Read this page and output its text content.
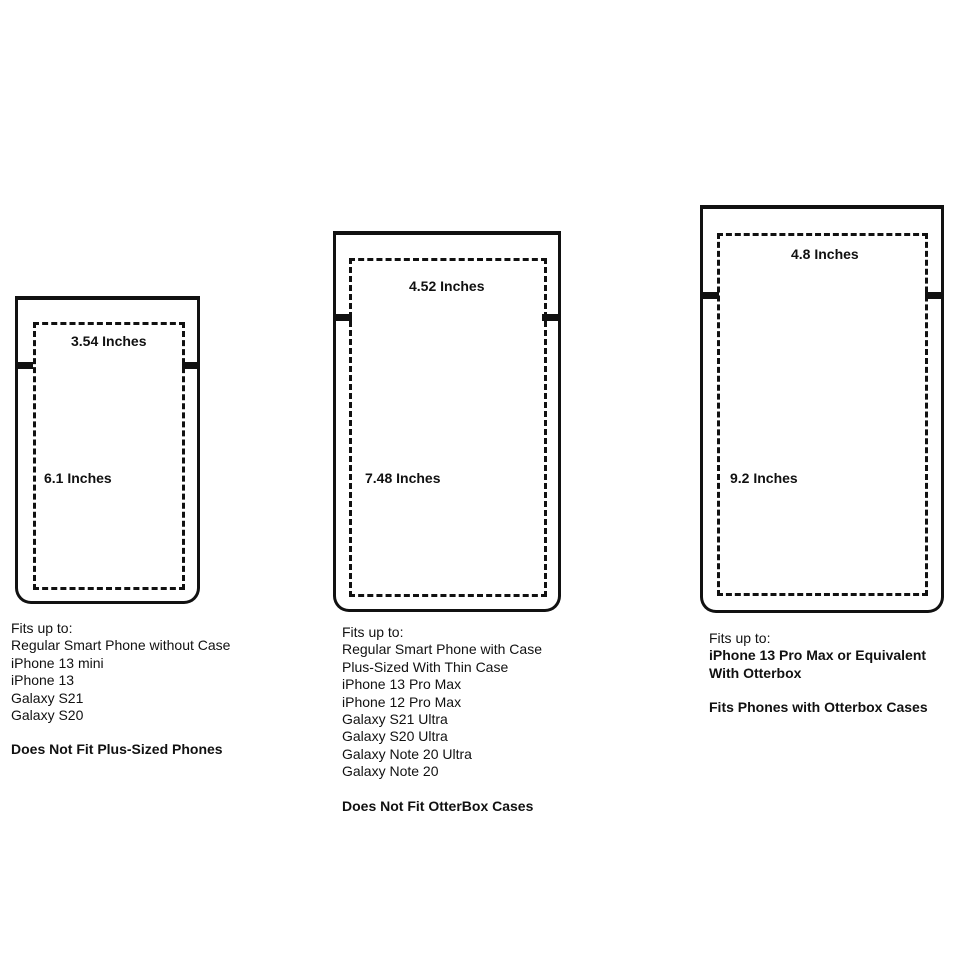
3.54 Inches
6.1 Inches
Fits up to:
Regular Smart Phone without Case
iPhone 13 mini
iPhone 13
Galaxy S21
Galaxy S20
Does Not Fit Plus-Sized Phones
4.52 Inches
7.48 Inches
Fits up to:
Regular Smart Phone with Case
Plus-Sized With Thin Case
iPhone 13 Pro Max
iPhone 12 Pro Max
Galaxy S21 Ultra
Galaxy S20 Ultra
Galaxy Note 20 Ultra
Galaxy Note 20
Does Not Fit OtterBox Cases
4.8 Inches
9.2 Inches
Fits up to:
iPhone 13 Pro Max or Equivalent
With Otterbox
Fits Phones with Otterbox Cases
